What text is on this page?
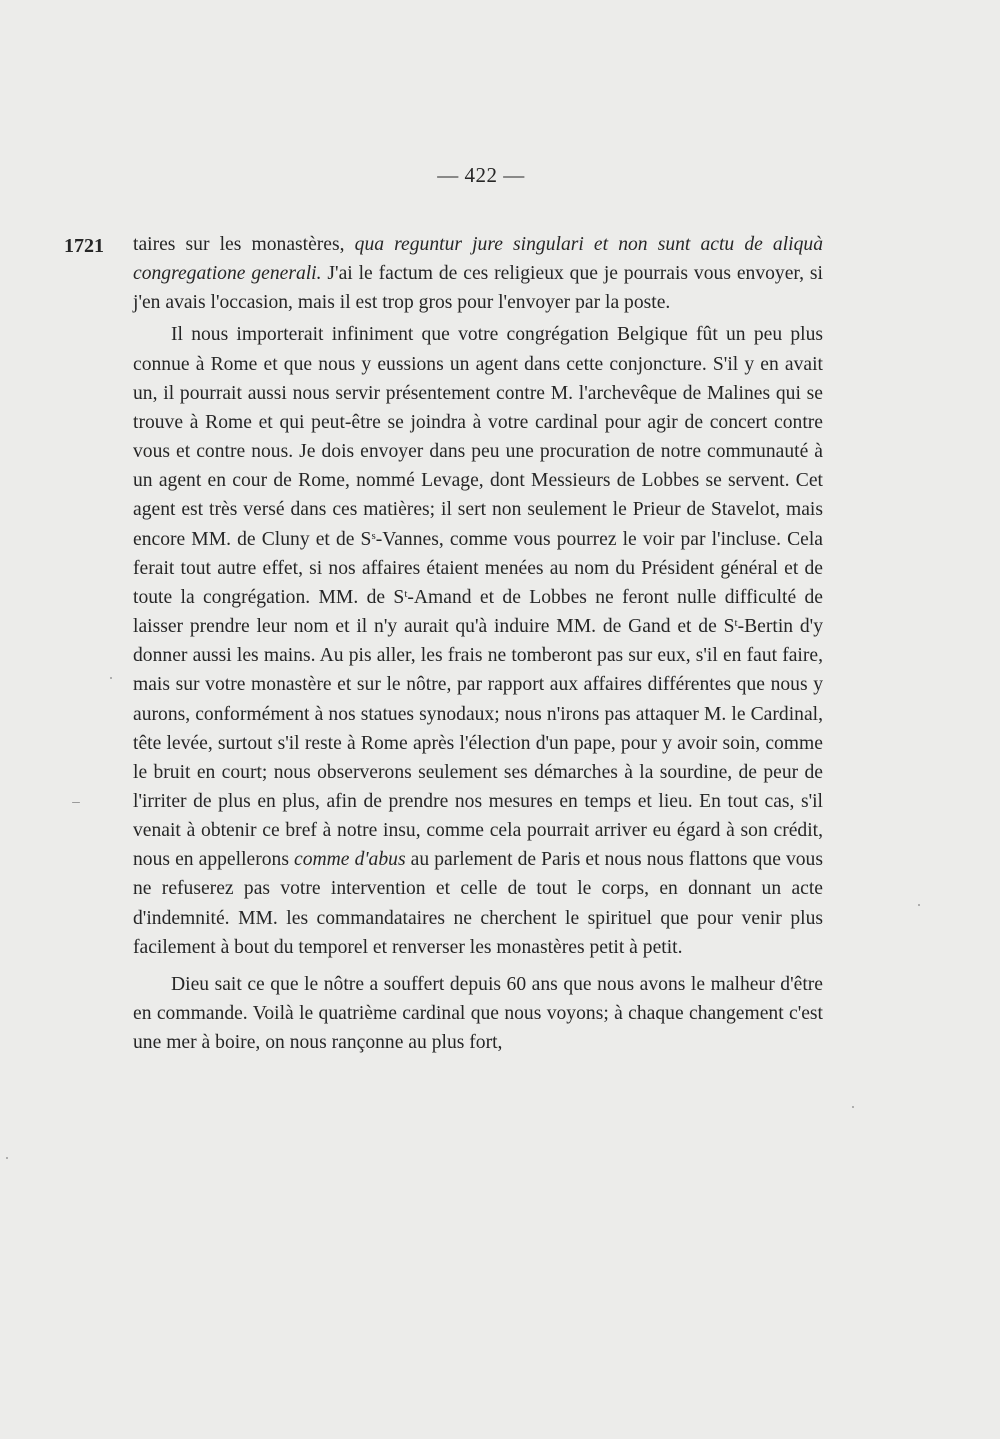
— 422 —
1721 taires sur les monastères, qua reguntur jure singulari et non sunt actu de aliquà congregatione generali. J'ai le factum de ces religieux que je pourrais vous envoyer, si j'en avais l'occasion, mais il est trop gros pour l'envoyer par la poste.

Il nous importerait infiniment que votre congrégation Belgique fût un peu plus connue à Rome et que nous y eussions un agent dans cette conjoncture. S'il y en avait un, il pourrait aussi nous servir présentement contre M. l'archevêque de Malines qui se trouve à Rome et qui peut-être se joindra à votre cardinal pour agir de concert contre vous et contre nous. Je dois envoyer dans peu une procuration de notre communauté à un agent en cour de Rome, nommé Levage, dont Messieurs de Lobbes se servent. Cet agent est très versé dans ces matières; il sert non seulement le Prieur de Stavelot, mais encore MM. de Cluny et de $S^s$-Vannes, comme vous pourrez le voir par l'incluse. Cela ferait tout autre effet, si nos affaires étaient menées au nom du Président général et de toute la congrégation. MM. de $S^t$-Amand et de Lobbes ne feront nulle difficulté de laisser prendre leur nom et il n'y aurait qu'à induire MM. de Gand et de $S^t$-Bertin d'y donner aussi les mains. Au pis aller, les frais ne tomberont pas sur eux, s'il en faut faire, mais sur votre monastère et sur le nôtre, par rapport aux affaires différentes que nous y aurons, conformément à nos statues synodaux; nous n'irons pas attaquer M. le Cardinal, tête levée, surtout s'il reste à Rome après l'élection d'un pape, pour y avoir soin, comme le bruit en court; nous observerons seulement ses démarches à la sourdine, de peur de l'irriter de plus en plus, afin de prendre nos mesures en temps et lieu. En tout cas, s'il venait à obtenir ce bref à notre insu, comme cela pourrait arriver eu égard à son crédit, nous en appellerons comme d'abus au parlement de Paris et nous nous flattons que vous ne refuserez pas votre intervention et celle de tout le corps, en donnant un acte d'indemnité. MM. les commandataires ne cherchent le spirituel que pour venir plus facilement à bout du temporel et renverser les monastères petit à petit.

Dieu sait ce que le nôtre a souffert depuis 60 ans que nous avons le malheur d'être en commande. Voilà le quatrième cardinal que nous voyons; à chaque changement c'est une mer à boire, on nous rançonne au plus fort,
